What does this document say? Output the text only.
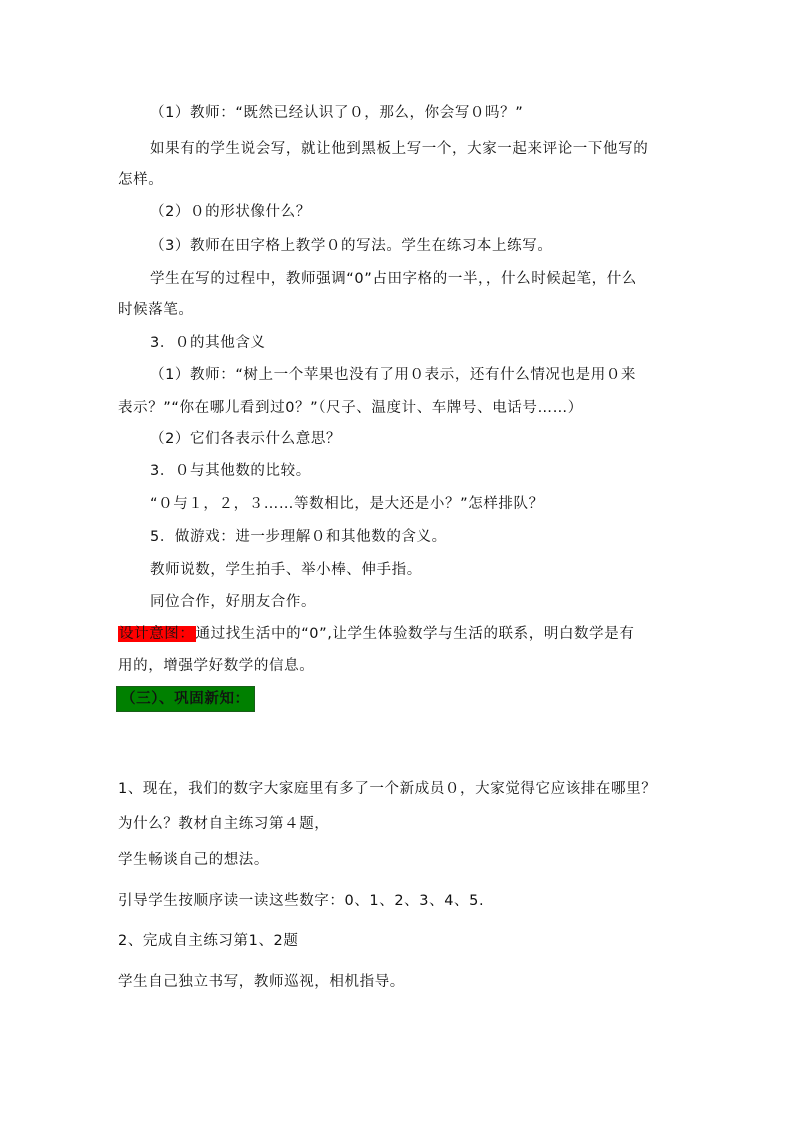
（1）教师：“既然已经认识了０，那么，你会写０吗？”
如果有的学生说会写，就让他到黑板上写一个，大家一起来评论一下他写的
怎样。
（2）０的形状像什么？
（3）教师在田字格上教学０的写法。学生在练习本上练写。
学生在写的过程中，教师强调“0”占田字格的一半，，什么时候起笔，什么
时候落笔。
3．０的其他含义
（1）教师：“树上一个苹果也没有了用０表示，还有什么情况也是用０来
表示？”“你在哪儿看到过0？”（尺子、温度计、车牌号、电话号……）
（2）它们各表示什么意思？
3．０与其他数的比较。
“０与１，２，３……等数相比，是大还是小？”怎样排队？
5．做游戏：进一步理解０和其他数的含义。
教师说数，学生拍手、举小棒、伸手指。
同位合作，好朋友合作。
设计意图：通过找生活中的“0”,让学生体验数学与生活的联系，明白数学是有
用的，增强学好数学的信息。
（三）、巩固新知：
1、现在，我们的数字大家庭里有多了一个新成员０，大家觉得它应该排在哪里？
为什么？教材自主练习第４题，
学生畅谈自己的想法。
引导学生按顺序读一读这些数字：0、1、2、3、4、5.
2、完成自主练习第1、2题
学生自己独立书写，教师巡视，相机指导。
